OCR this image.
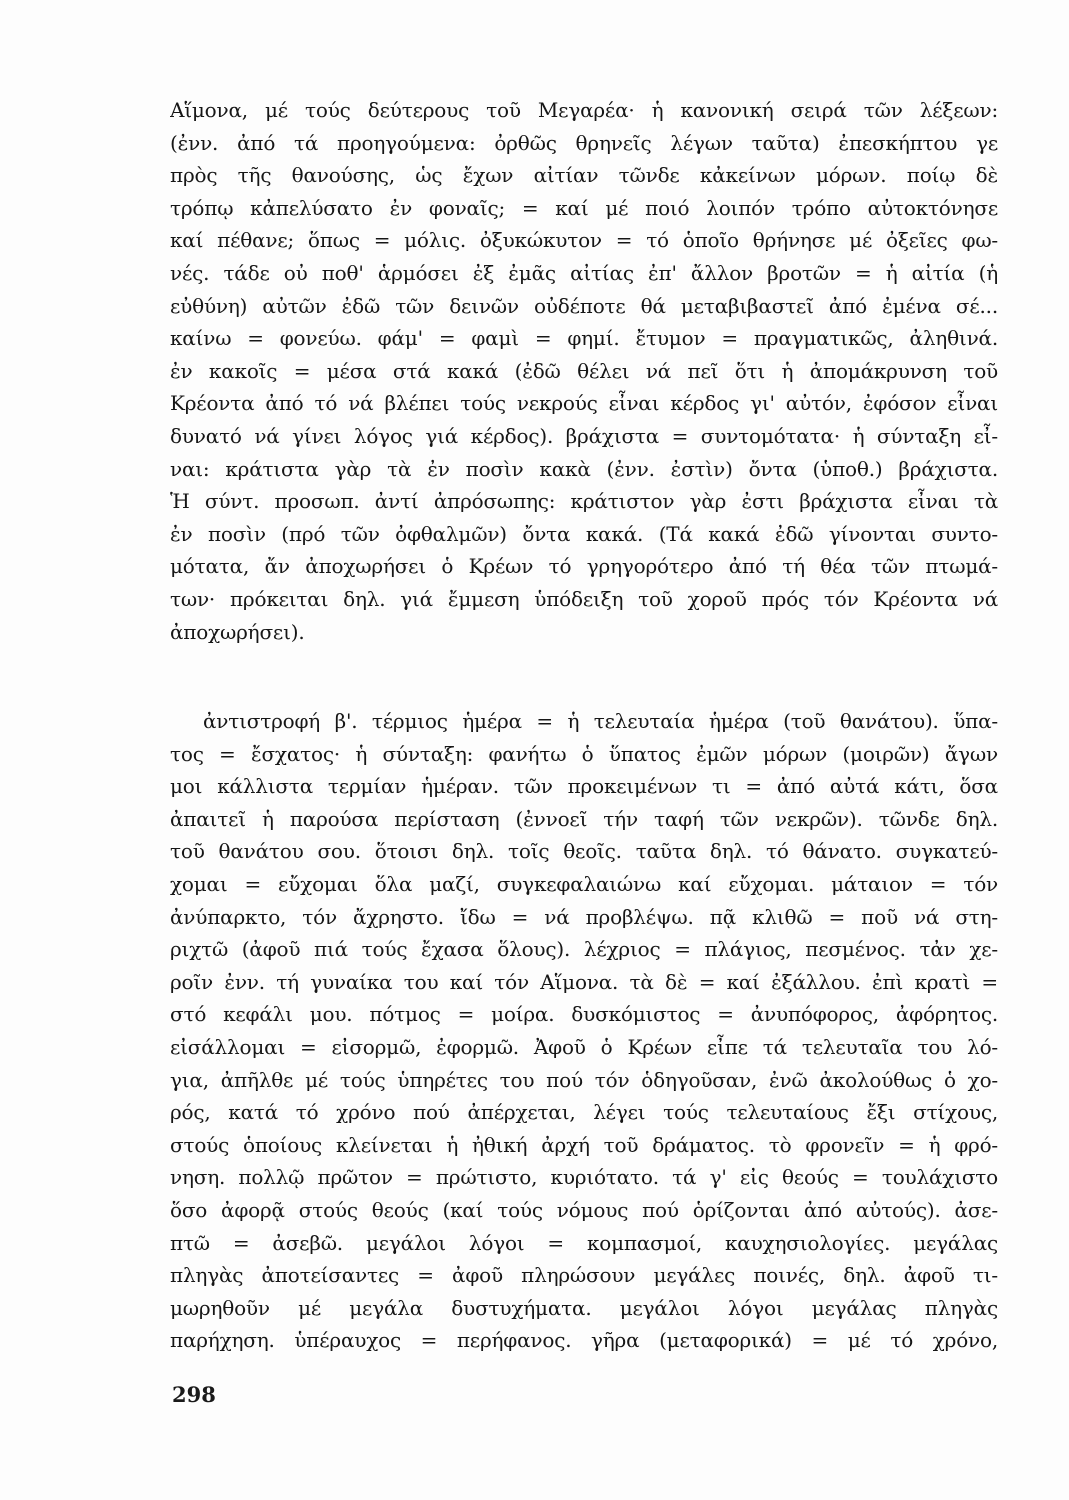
Αἵμονα, μέ τούς δεύτερους τοῦ Μεγαρέα· ἡ κανονική σειρά τῶν λέξεων:
(ἐνν. ἀπό τά προηγούμενα: ὀρθῶς θρηνεῖς λέγων ταῦτα) ἐπεσκήπτου γε
πρὸς τῆς θανούσης, ὡς ἔχων αἰτίαν τῶνδε κἀκείνων μόρων. ποίῳ δὲ
τρόπῳ κἀπελύσατο ἐν φοναῖς; = καί μέ ποιό λοιπόν τρόπο αὐτοκτόνησε
καί πέθανε; ὅπως = μόλις. ὀξυκώκυτον = τό ὁποῖο θρήνησε μέ ὀξεῖες φω-
νές. τάδε οὐ ποθ' ἁρμόσει ἐξ ἐμᾶς αἰτίας ἐπ' ἄλλον βροτῶν = ἡ αἰτία (ἡ
εὐθύνη) αὐτῶν ἐδῶ τῶν δεινῶν οὐδέποτε θά μεταβιβαστεῖ ἀπό ἐμένα σέ...
καίνω = φονεύω. φάμ' = φαμὶ = φημί. ἔτυμον = πραγματικῶς, ἀληθινά.
ἐν κακοῖς = μέσα στά κακά (ἐδῶ θέλει νά πεῖ ὅτι ἡ ἀπομάκρυνση τοῦ
Κρέοντα ἀπό τό νά βλέπει τούς νεκρούς εἶναι κέρδος γι' αὐτόν, ἐφόσον εἶναι
δυνατό νά γίνει λόγος γιά κέρδος). βράχιστα = συντομότατα· ἡ σύνταξη εἶ-
ναι: κράτιστα γὰρ τὰ ἐν ποσὶν κακὰ (ἐνν. ἐστὶν) ὄντα (ὑποθ.) βράχιστα.
Ἡ σύντ. προσωπ. ἀντί ἀπρόσωπης: κράτιστον γὰρ ἐστι βράχιστα εἶναι τὰ
ἐν ποσὶν (πρό τῶν ὀφθαλμῶν) ὄντα κακά. (Τά κακά ἐδῶ γίνονται συντο-
μότατα, ἄν ἀποχωρήσει ὁ Κρέων τό γρηγορότερο ἀπό τή θέα τῶν πτωμά-
των· πρόκειται δηλ. γιά ἔμμεση ὑπόδειξη τοῦ χοροῦ πρός τόν Κρέοντα νά
ἀποχωρήσει).
ἀντιστροφή β'. τέρμιος ἡμέρα = ἡ τελευταία ἡμέρα (τοῦ θανάτου). ὕπα-
τος = ἔσχατος· ἡ σύνταξη: φανήτω ὁ ὕπατος ἐμῶν μόρων (μοιρῶν) ἄγων
μοι κάλλιστα τερμίαν ἡμέραν. τῶν προκειμένων τι = ἀπό αὐτά κάτι, ὅσα
ἀπαιτεῖ ἡ παρούσα περίσταση (ἐννοεῖ τήν ταφή τῶν νεκρῶν). τῶνδε δηλ.
τοῦ θανάτου σου. ὅτοισι δηλ. τοῖς θεοῖς. ταῦτα δηλ. τό θάνατο. συγκατεύ-
χομαι = εὔχομαι ὅλα μαζί, συγκεφαλαιώνω καί εὔχομαι. μάταιον = τόν
ἀνύπαρκτο, τόν ἄχρηστο. ἴδω = νά προβλέψω. πᾷ κλιθῶ = ποῦ νά στη-
ριχτῶ (ἀφοῦ πιά τούς ἔχασα ὅλους). λέχριος = πλάγιος, πεσμένος. τἀν χε-
ροῖν ἐνν. τή γυναίκα του καί τόν Αἵμονα. τὰ δὲ = καί ἐξάλλου. ἐπὶ κρατὶ =
στό κεφάλι μου. πότμος = μοίρα. δυσκόμιστος = ἀνυπόφορος, ἀφόρητος.
εἰσάλλομαι = εἰσορμῶ, ἐφορμῶ. Ἀφοῦ ὁ Κρέων εἶπε τά τελευταῖα του λό-
για, ἀπῆλθε μέ τούς ὑπηρέτες του πού τόν ὁδηγοῦσαν, ἐνῶ ἀκολούθως ὁ χο-
ρός, κατά τό χρόνο πού ἀπέρχεται, λέγει τούς τελευταίους ἔξι στίχους,
στούς ὁποίους κλείνεται ἡ ἠθική ἀρχή τοῦ δράματος. τὸ φρονεῖν = ἡ φρό-
νηση. πολλῷ πρῶτον = πρώτιστο, κυριότατο. τά γ' εἰς θεούς = τουλάχιστο
ὅσο ἀφορᾷ στούς θεούς (καί τούς νόμους πού ὁρίζονται ἀπό αὐτούς). ἀσε-
πτῶ = ἀσεβῶ. μεγάλοι λόγοι = κομπασμοί, καυχησιολογίες. μεγάλας
πληγὰς ἀποτείσαντες = ἀφοῦ πληρώσουν μεγάλες ποινές, δηλ. ἀφοῦ τι-
μωρηθοῦν μέ μεγάλα δυστυχήματα. μεγάλοι λόγοι μεγάλας πληγὰς
παρήχηση. ὑπέραυχος = περήφανος. γῆρα (μεταφορικά) = μέ τό χρόνο,
298
